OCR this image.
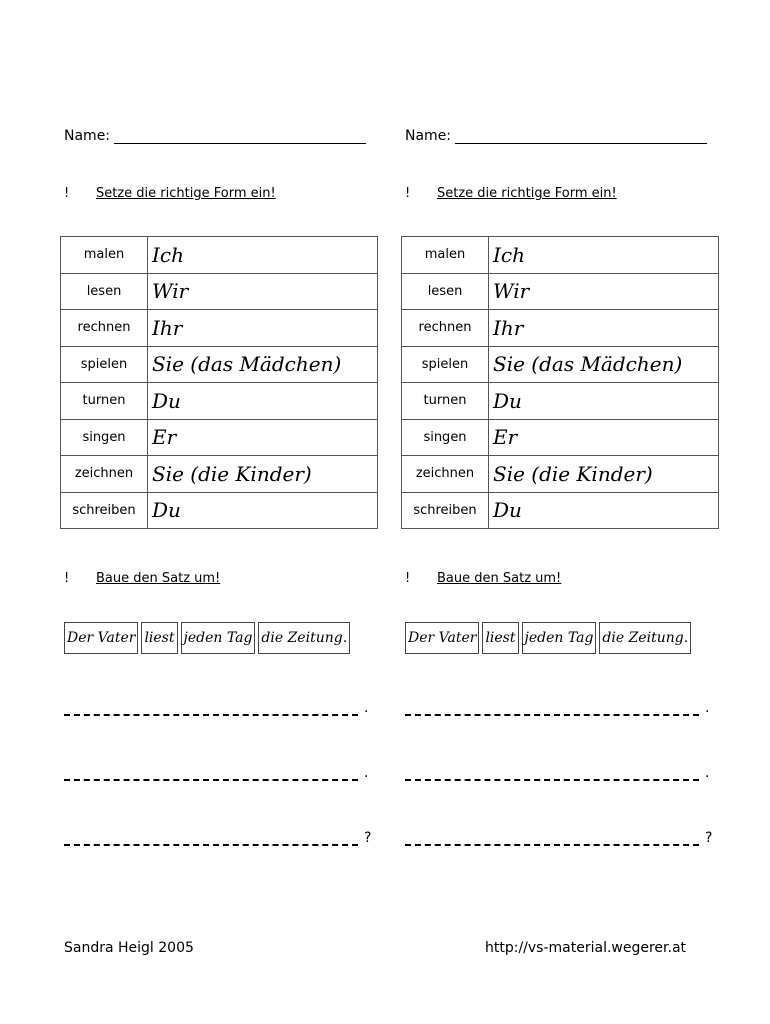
Name:
!	Setze die richtige Form ein!
malen	Ich
lesen	Wir
rechnen	Ihr
spielen	Sie (das Mädchen)
turnen	Du
singen	Er
zeichnen	Sie (die Kinder)
schreiben	Du
!	Baue den Satz um!
Der Vater liest jeden Tag die Zeitung.
.
.
?
Name:
!	Setze die richtige Form ein!
malen	Ich
lesen	Wir
rechnen	Ihr
spielen	Sie (das Mädchen)
turnen	Du
singen	Er
zeichnen	Sie (die Kinder)
schreiben	Du
!	Baue den Satz um!
Der Vater liest jeden Tag die Zeitung.
.
.
?
Sandra Heigl 2005	http://vs-material.wegerer.at
